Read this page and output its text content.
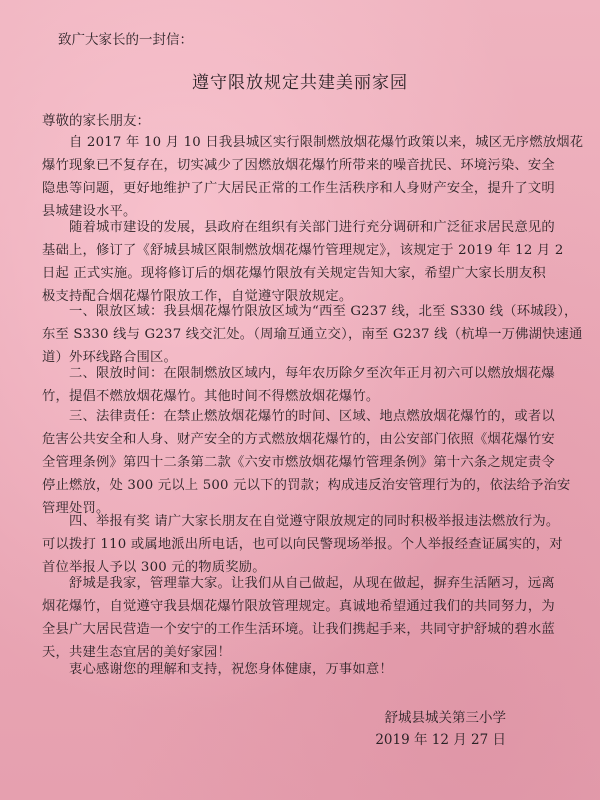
致广大家长的一封信：
遵守限放规定共建美丽家园
尊敬的家长朋友：
自 2017 年 10 月 10 日我县城区实行限制燃放烟花爆竹政策以来，城区无序燃放烟花
爆竹现象已不复存在，切实减少了因燃放烟花爆竹所带来的噪音扰民、环境污染、安全
隐患等问题，更好地维护了广大居民正常的工作生活秩序和人身财产安全，提升了文明
县城建设水平。
随着城市建设的发展，县政府在组织有关部门进行充分调研和广泛征求居民意见的
基础上，修订了《舒城县城区限制燃放烟花爆竹管理规定》，该规定于 2019 年 12 月 2
日起 正式实施。现将修订后的烟花爆竹限放有关规定告知大家，希望广大家长朋友积
极支持配合烟花爆竹限放工作，自觉遵守限放规定。
一、限放区域：我县烟花爆竹限放区域为“西至 G237 线，北至 S330 线（环城段），
东至 S330 线与 G237 线交汇处。（周瑜互通立交），南至 G237 线（杭埠一万佛湖快速通
道）外环线路合围区。
二、限放时间：在限制燃放区域内，每年农历除夕至次年正月初六可以燃放烟花爆
竹，提倡不燃放烟花爆竹。其他时间不得燃放烟花爆竹。
三、法律责任：在禁止燃放烟花爆竹的时间、区域、地点燃放烟花爆竹的，或者以
危害公共安全和人身、财产安全的方式燃放烟花爆竹的，由公安部门依照《烟花爆竹安
全管理条例》第四十二条第二款《六安市燃放烟花爆竹管理条例》第十六条之规定责令
停止燃放，处 300 元以上 500 元以下的罚款；构成违反治安管理行为的，依法给予治安
管理处罚。
四、举报有奖 请广大家长朋友在自觉遵守限放规定的同时积极举报违法燃放行为。
可以拨打 110 或属地派出所电话，也可以向民警现场举报。个人举报经查证属实的，对
首位举报人予以 300 元的物质奖励。
舒城是我家，管理靠大家。让我们从自己做起，从现在做起，摒弃生活陋习，远离
烟花爆竹，自觉遵守我县烟花爆竹限放管理规定。真诚地希望通过我们的共同努力，为
全县广大居民营造一个安宁的工作生活环境。让我们携起手来，共同守护舒城的碧水蓝
天，共建生态宜居的美好家园！
衷心感谢您的理解和支持，祝您身体健康，万事如意！
舒城县城关第三小学
2019 年 12 月 27 日
